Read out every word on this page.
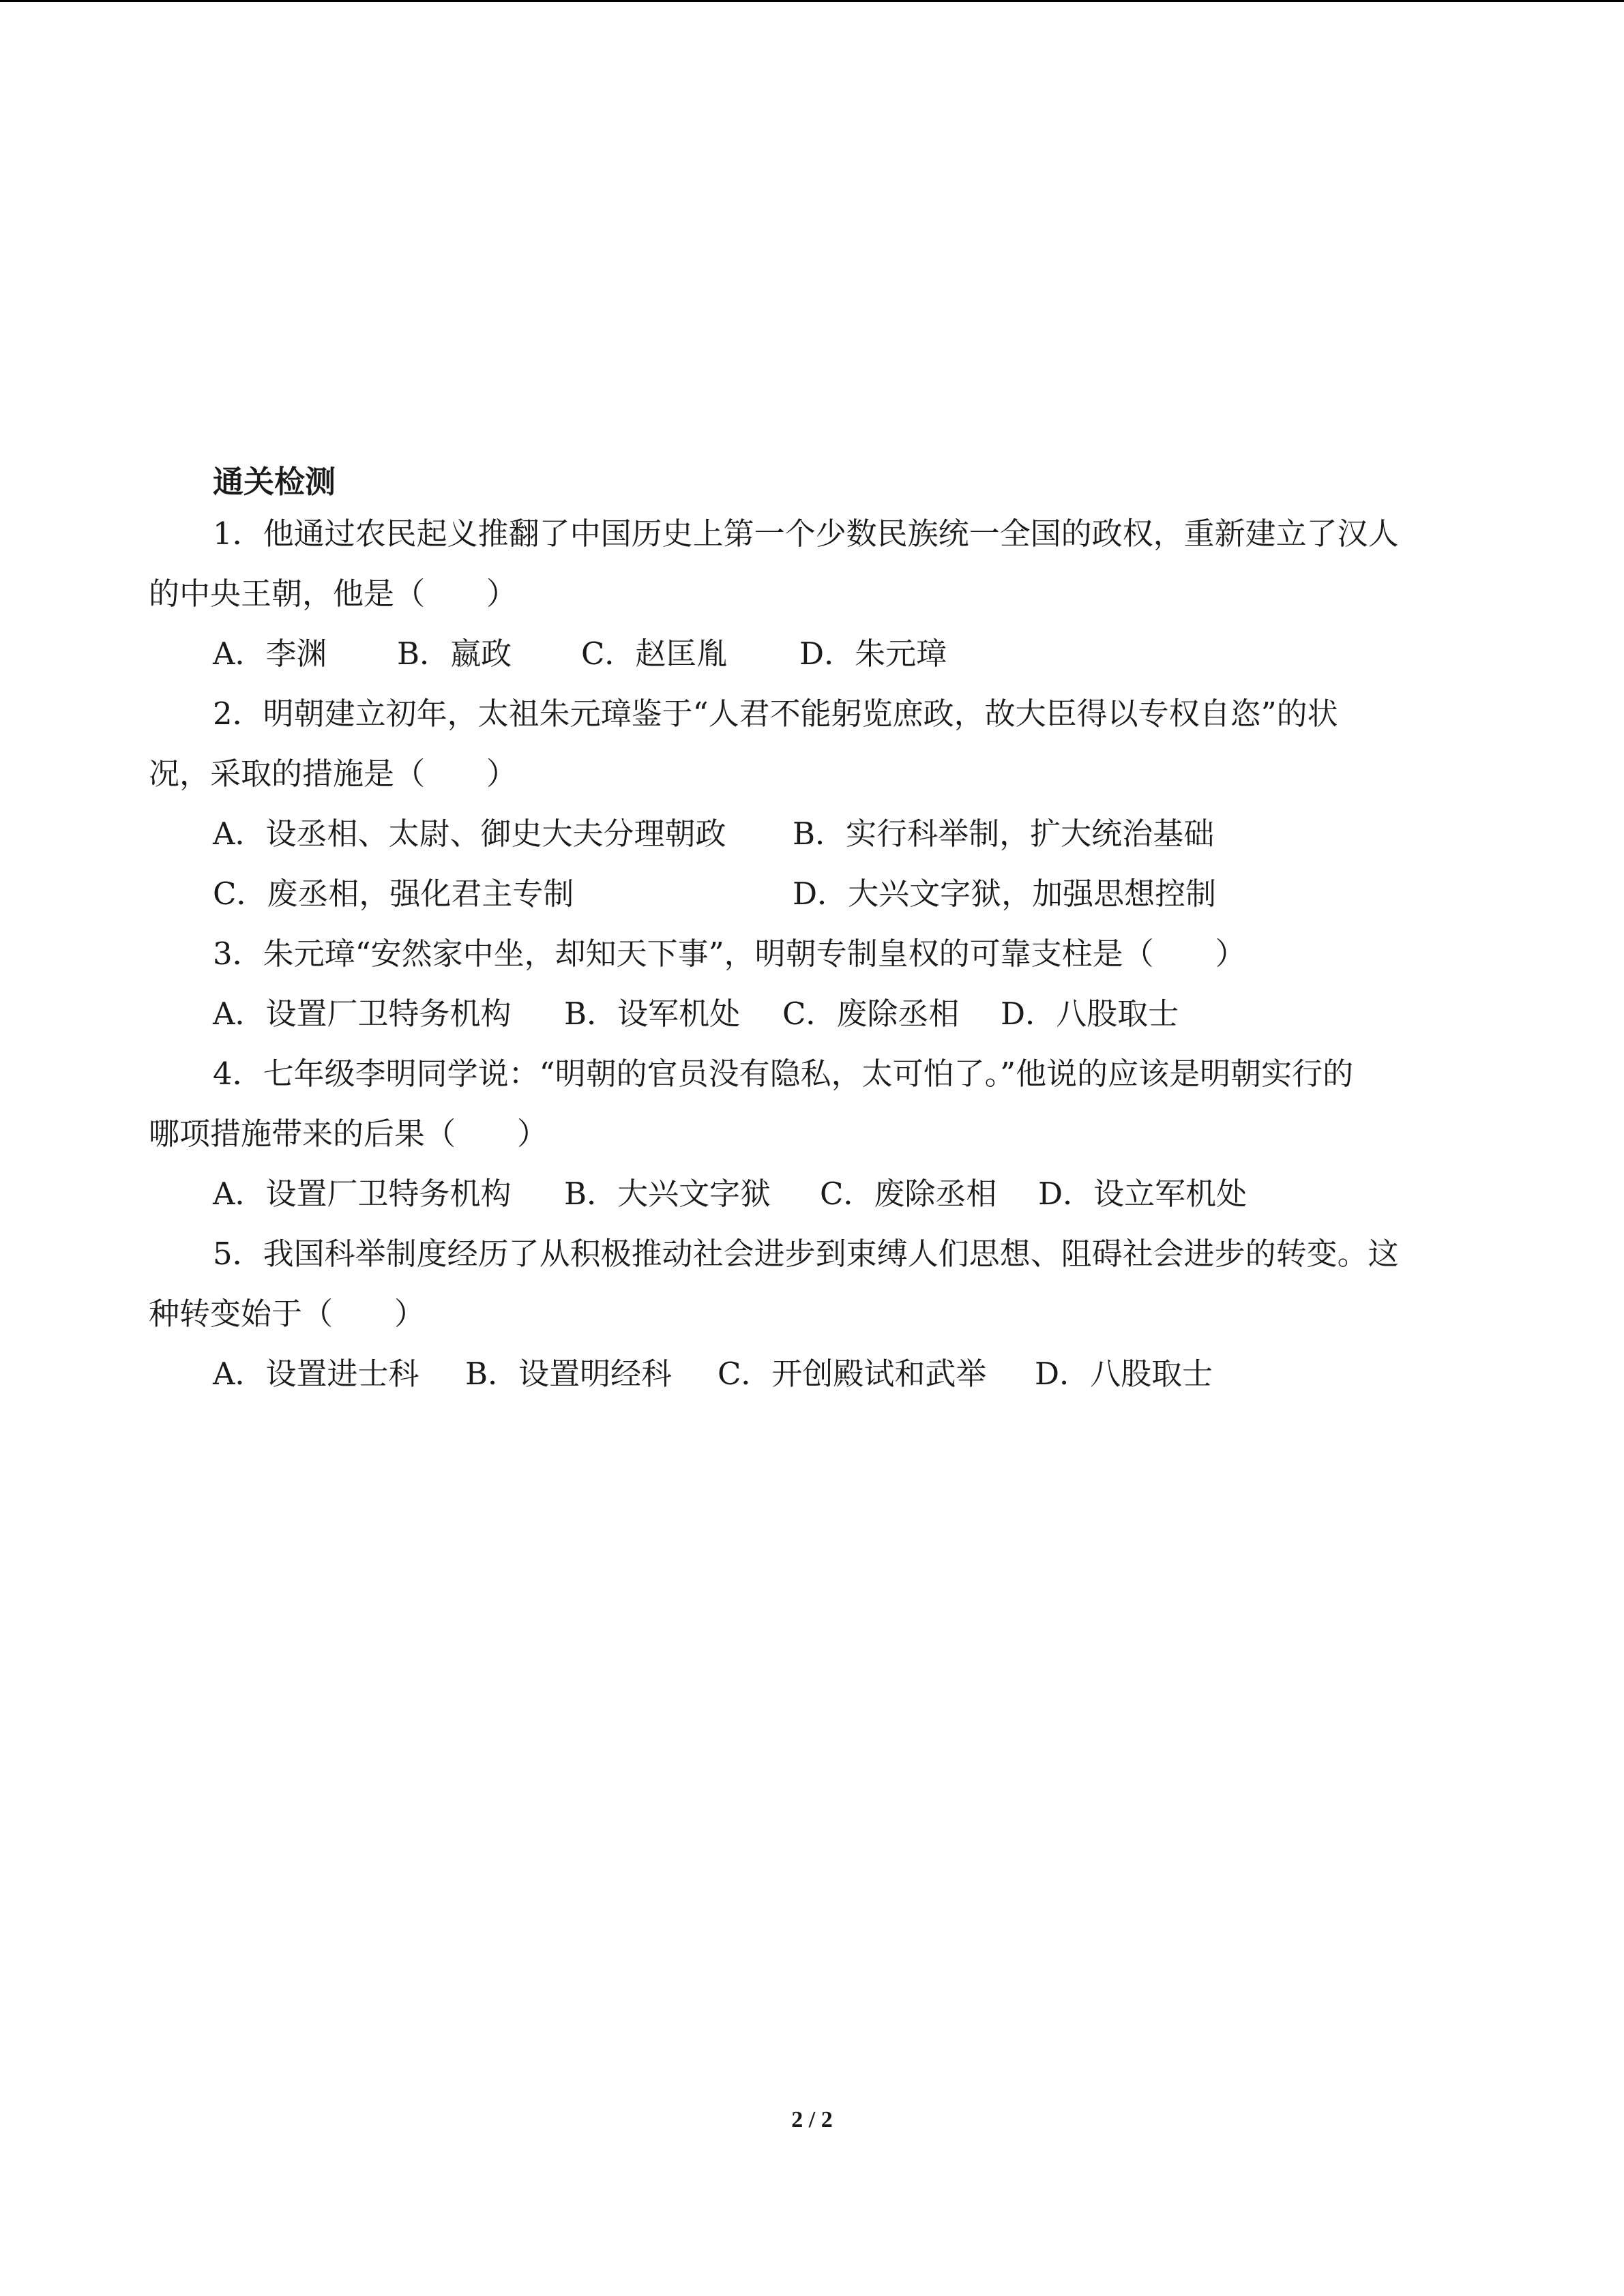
通关检测
1．他通过农民起义推翻了中国历史上第一个少数民族统一全国的政权，重新建立了汉人
的中央王朝，他是（　　）
A．李渊 B．嬴政 C．赵匡胤 D．朱元璋
2．明朝建立初年，太祖朱元璋鉴于“人君不能躬览庶政，故大臣得以专权自恣”的状
况，采取的措施是（　　）
A．设丞相、太尉、御史大夫分理朝政 B．实行科举制，扩大统治基础
C．废丞相，强化君主专制	D．大兴文字狱，加强思想控制
3．朱元璋“安然家中坐，却知天下事”，明朝专制皇权的可靠支柱是（　　）
A．设置厂卫特务机构 B．设军机处 C．废除丞相 D．八股取士
4．七年级李明同学说：“明朝的官员没有隐私，太可怕了。”他说的应该是明朝实行的
哪项措施带来的后果（　　）
A．设置厂卫特务机构 B．大兴文字狱 C．废除丞相 D．设立军机处
5．我国科举制度经历了从积极推动社会进步到束缚人们思想、阻碍社会进步的转变。这
种转变始于（　　）
A．设置进士科 B．设置明经科 C．开创殿试和武举 D．八股取士
2 / 2
